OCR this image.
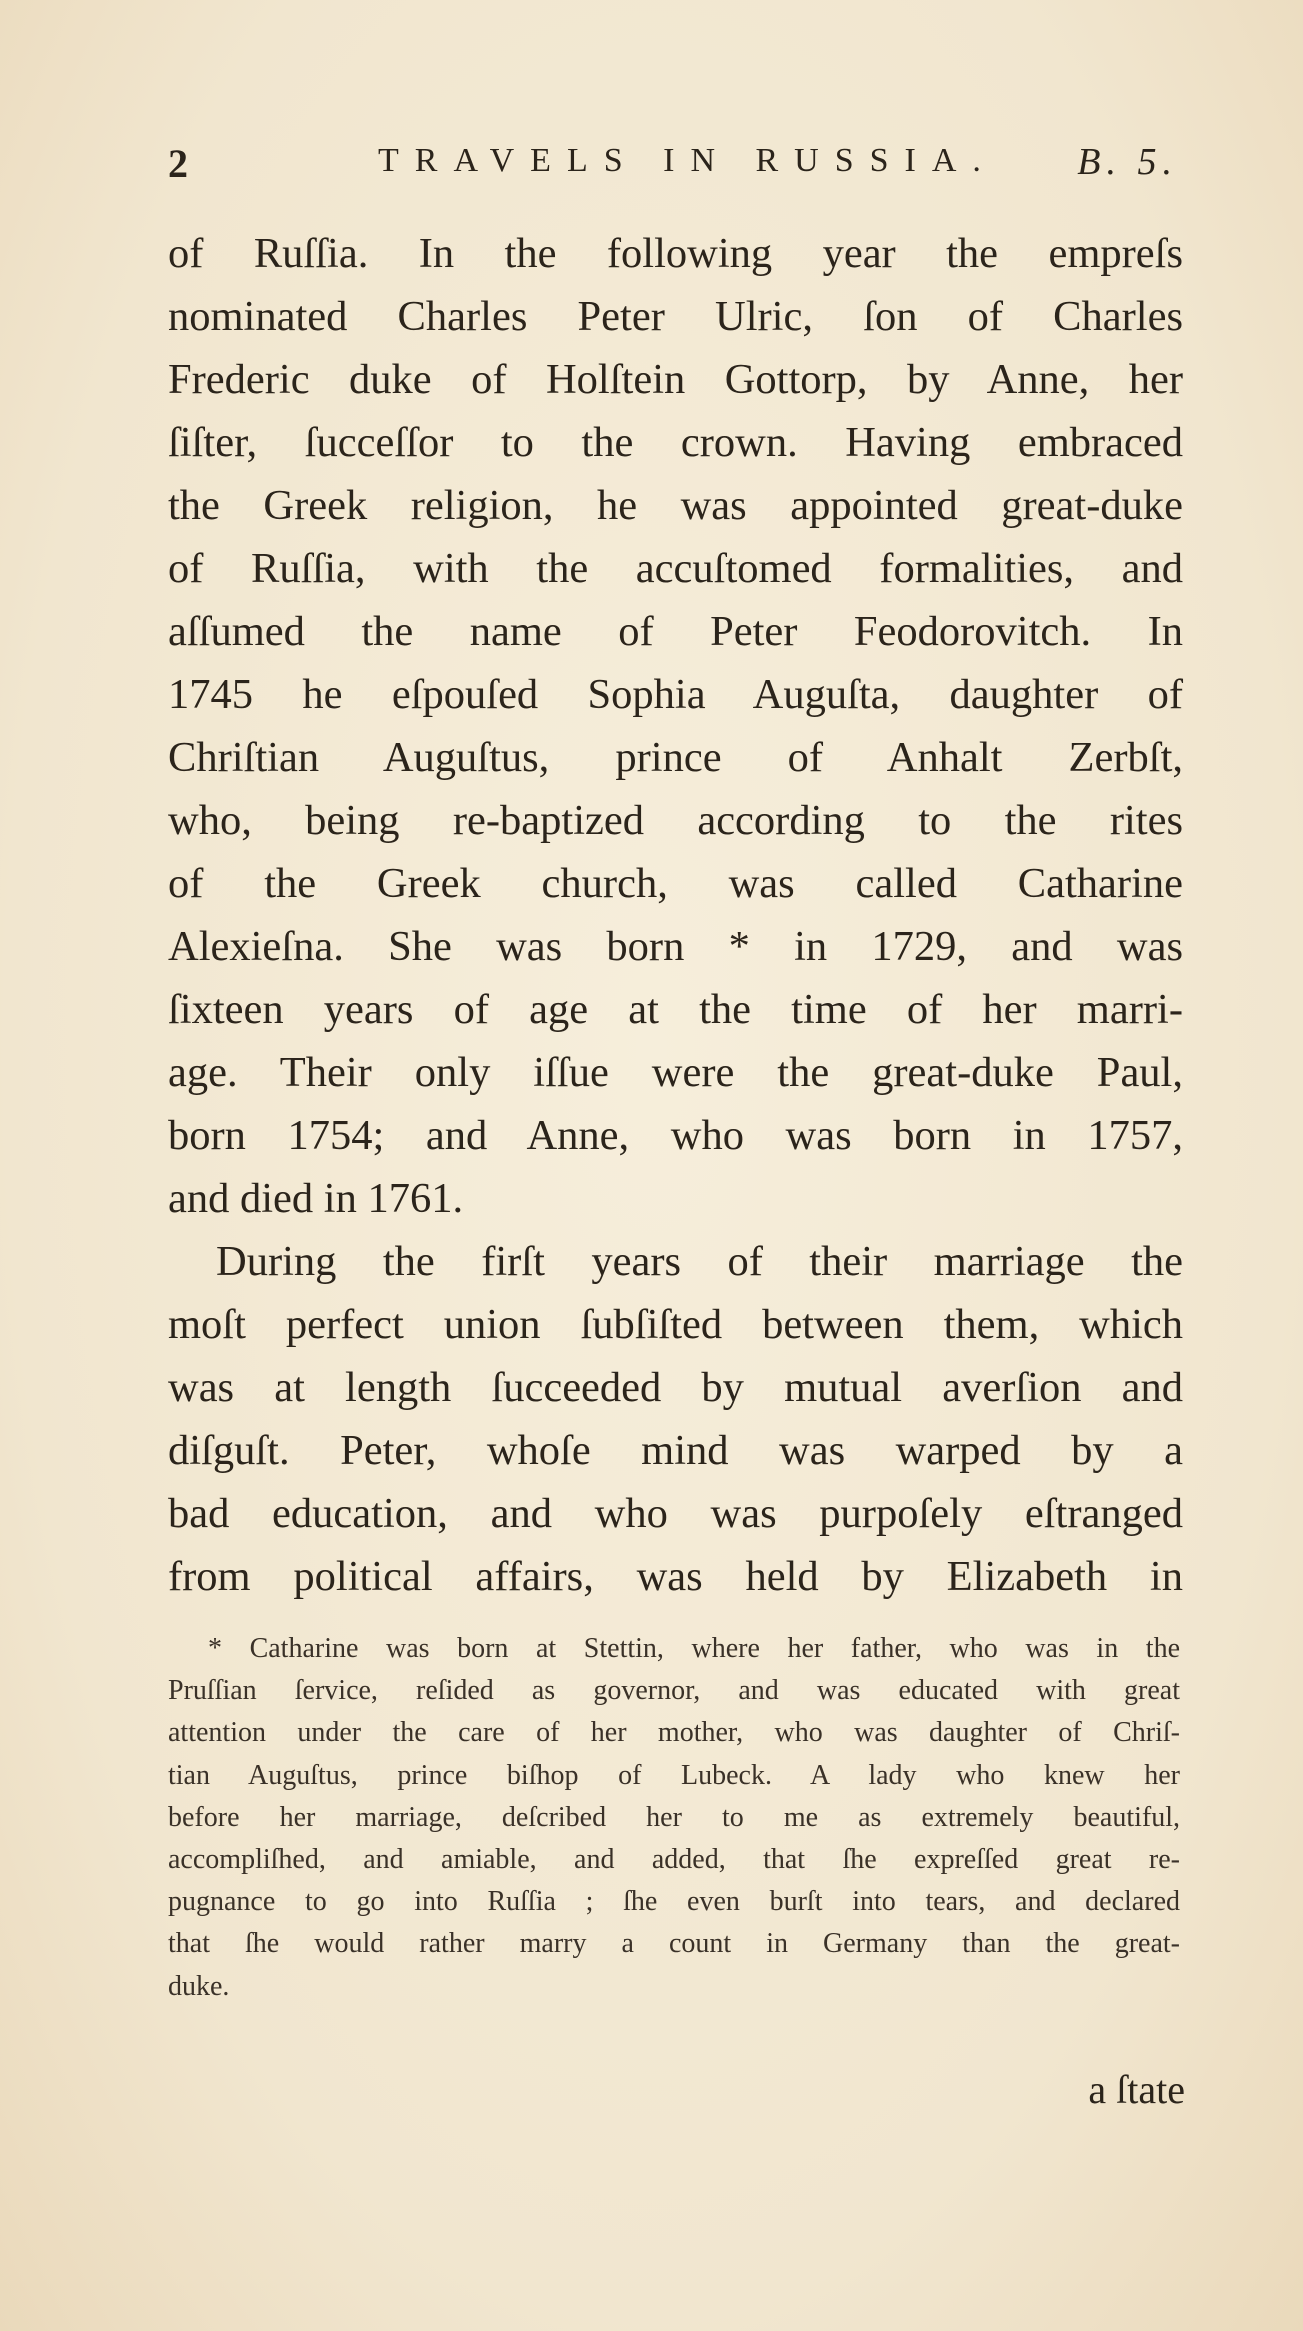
2	TRAVELS IN RUSSIA. B. 5.
of Ruſſia. In the following year the empreſs
nominated Charles Peter Ulric, ſon of Charles
Frederic duke of Holſtein Gottorp, by Anne, her
ſiſter, ſucceſſor to the crown. Having embraced
the Greek religion, he was appointed great-duke
of Ruſſia, with the accuſtomed formalities, and
aſſumed the name of Peter Feodorovitch. In
1745 he eſpouſed Sophia Auguſta, daughter of
Chriſtian Auguſtus, prince of Anhalt Zerbſt,
who, being re-baptized according to the rites
of the Greek church, was called Catharine
Alexieſna. She was born * in 1729, and was
ſixteen years of age at the time of her marri-
age. Their only iſſue were the great-duke Paul,
born 1754; and Anne, who was born in 1757,
and died in 1761.
During the firſt years of their marriage the
moſt perfect union ſubſiſted between them, which
was at length ſucceeded by mutual averſion and
diſguſt. Peter, whoſe mind was warped by a
bad education, and who was purpoſely eſtranged
from political affairs, was held by Elizabeth in
* Catharine was born at Stettin, where her father, who was in the
Pruſſian ſervice, reſided as governor, and was educated with great
attention under the care of her mother, who was daughter of Chriſ-
tian Auguſtus, prince biſhop of Lubeck. A lady who knew her
before her marriage, deſcribed her to me as extremely beautiful,
accompliſhed, and amiable, and added, that ſhe expreſſed great re-
pugnance to go into Ruſſia ; ſhe even burſt into tears, and declared
that ſhe would rather marry a count in Germany than the great-
duke.
a ſtate
